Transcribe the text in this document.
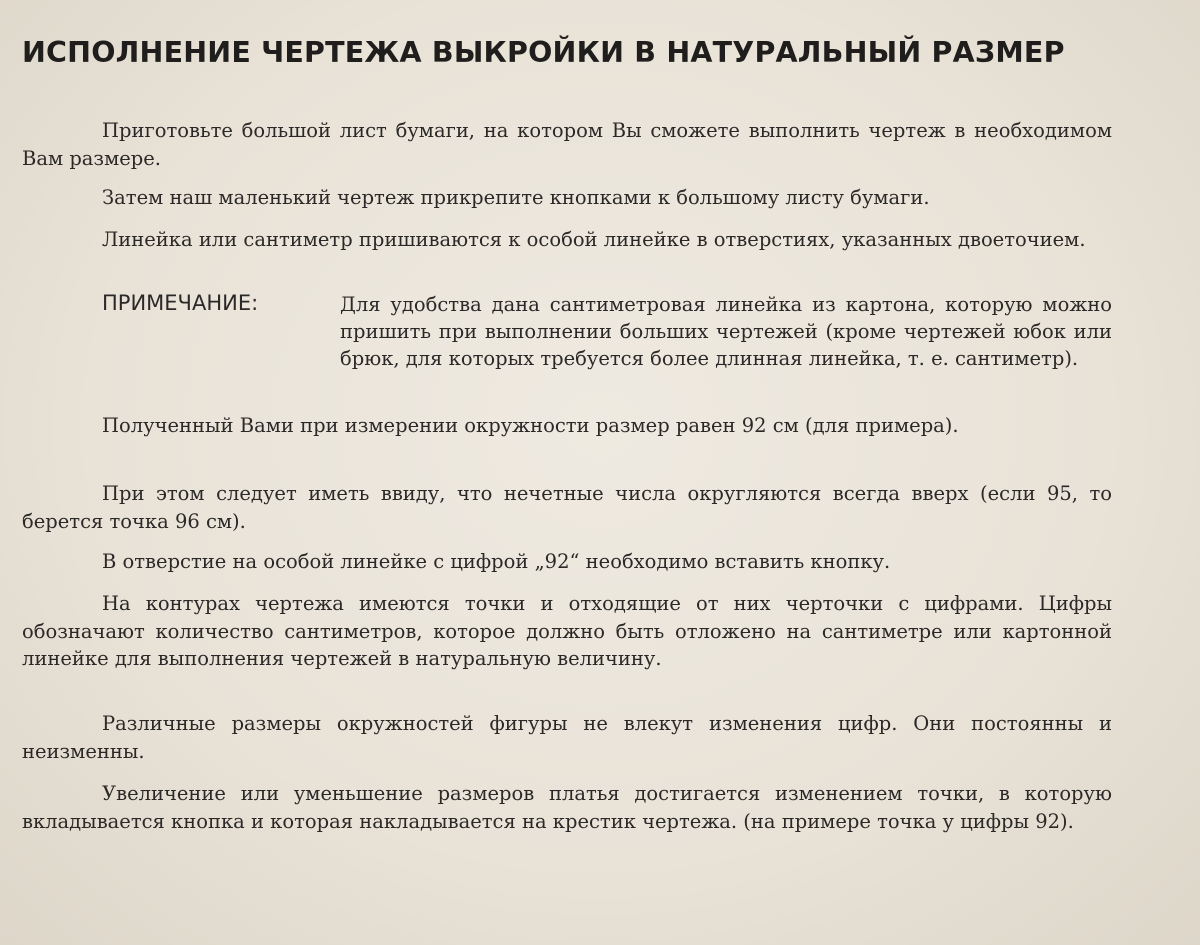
ИСПОЛНЕНИЕ ЧЕРТЕЖА ВЫКРОЙКИ В НАТУРАЛЬНЫЙ РАЗМЕР

Приготовьте большой лист бумаги, на котором Вы сможете выполнить чертеж в необходимом Вам размере.

Затем наш маленький чертеж прикрепите кнопками к большому листу бумаги.

Линейка или сантиметр пришиваются к особой линейке в отверстиях, указанных двоеточием.

ПРИМЕЧАНИЕ:	Для удобства дана сантиметровая линейка из картона, которую можно пришить при выполнении больших чертежей (кроме чертежей юбок или брюк, для которых требуется более длинная линейка, т. е. сантиметр).

Полученный Вами при измерении окружности размер равен 92 см (для примера).

При этом следует иметь ввиду, что нечетные числа округляются всегда вверх (если 95, то берется точка 96 см).

В отверстие на особой линейке с цифрой „92“ необходимо вставить кнопку.

На контурах чертежа имеются точки и отходящие от них черточки с цифрами. Цифры обозначают количество сантиметров, которое должно быть отложено на сантиметре или картонной линейке для выполнения чертежей в натуральную величину.

Различные размеры окружностей фигуры не влекут изменения цифр. Они постоянны и неизменны.

Увеличение или уменьшение размеров платья достигается изменением точки, в которую вкладывается кнопка и которая накладывается на крестик чертежа. (на примере точка у цифры 92).
